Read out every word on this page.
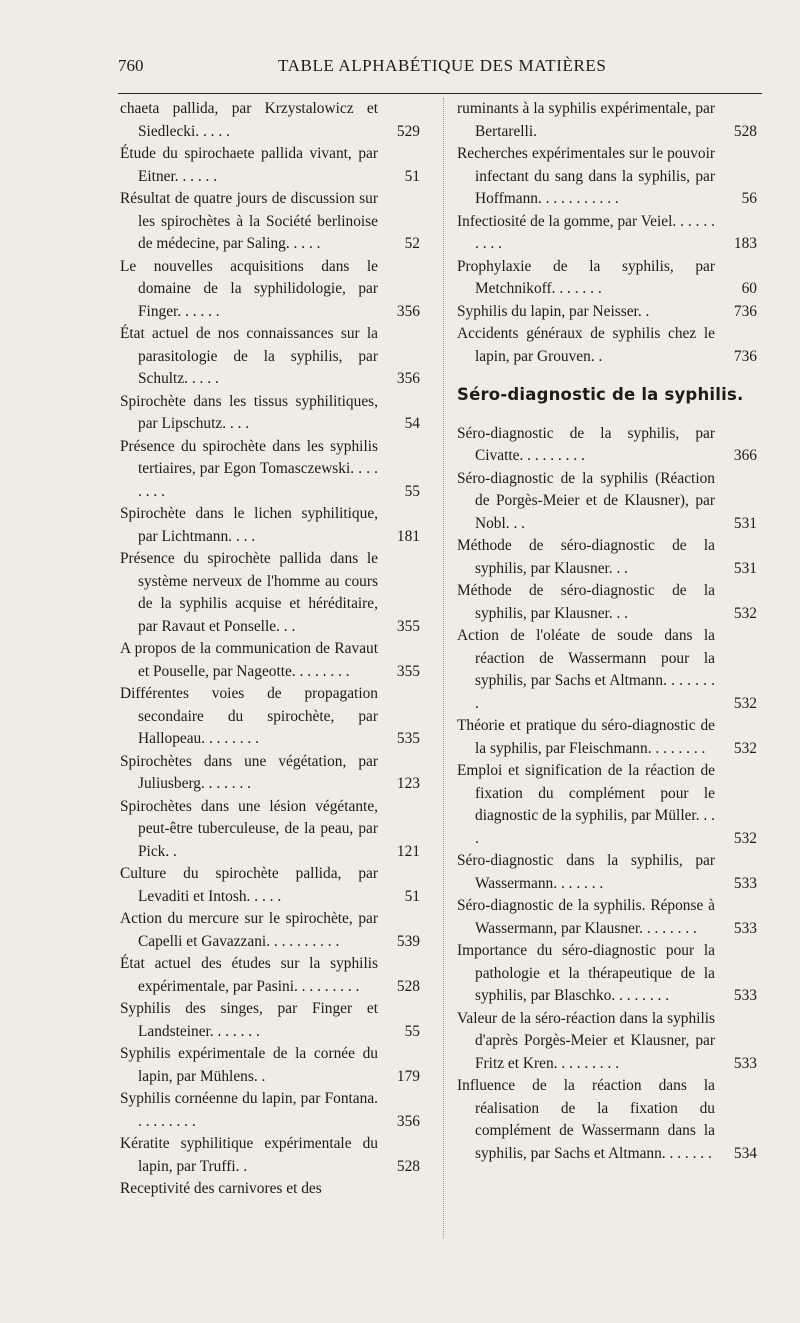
760	TABLE ALPHABÉTIQUE DES MATIÈRES
chaeta pallida, par Krzystalowicz et Siedlecki. . . . .	529
Étude du spirochaete pallida vivant, par Eitner. . . . . .	51
Résultat de quatre jours de discussion sur les spirochètes à la Société berlinoise de médecine, par Saling. . . . .	52
Le nouvelles acquisitions dans le domaine de la syphilidologie, par Finger. . . . . .	356
État actuel de nos connaissances sur la parasitologie de la syphilis, par Schultz. . . . .	356
Spirochète dans les tissus syphilitiques, par Lipschutz. . . .	54
Présence du spirochète dans les syphilis tertiaires, par Egon Tomasczewski. . . . . . . .	55
Spirochète dans le lichen syphilitique, par Lichtmann. . . .	181
Présence du spirochète pallida dans le système nerveux de l'homme au cours de la syphilis acquise et héréditaire, par Ravaut et Ponselle. . .	355
A propos de la communication de Ravaut et Pouselle, par Nageotte. . . . . . . .	355
Différentes voies de propagation secondaire du spirochète, par Hallopeau. . . . . . . .	535
Spirochètes dans une végétation, par Juliusberg. . . . . . .	123
Spirochètes dans une lésion végétante, peut-être tuberculeuse, de la peau, par Pick. .	121
Culture du spirochète pallida, par Levaditi et Intosh. . . . .	51
Action du mercure sur le spirochète, par Capelli et Gavazzani. . . . . . . . . .	539
État actuel des études sur la syphilis expérimentale, par Pasini. . . . . . . . . 528
Syphilis des singes, par Finger et Landsteiner. . . . . . .	55
Syphilis expérimentale de la cornée du lapin, par Mühlens. .	179
Syphilis cornéenne du lapin, par Fontana. . . . . . . . .	356
Kératite syphilitique expérimentale du lapin, par Truffi. .	528
Receptivité des carnivores et des
ruminants à la syphilis expérimentale, par Bertarelli.	528
Recherches expérimentales sur le pouvoir infectant du sang dans la syphilis, par Hoffmann. . . . . . . . . . .	56
Infectiosité de la gomme, par Veiel. . . . . . . . . .	183
Prophylaxie de la syphilis, par Metchnikoff. . . . . . .	60
Syphilis du lapin, par Neisser. .	736
Accidents généraux de syphilis chez le lapin, par Grouven. .	736
Séro-diagnostic de la syphilis.
Séro-diagnostic de la syphilis, par Civatte. . . . . . . . .	366
Séro-diagnostic de la syphilis (Réaction de Porgès-Meier et de Klausner), par Nobl. . .	531
Méthode de séro-diagnostic de la syphilis, par Klausner. . .	531
Méthode de séro-diagnostic de la syphilis, par Klausner. . .	532
Action de l'oléate de soude dans la réaction de Wassermann pour la syphilis, par Sachs et Altmann. . . . . . . .	532
Théorie et pratique du séro-diagnostic de la syphilis, par Fleischmann. . . . . . . . 532
Emploi et signification de la réaction de fixation du complément pour le diagnostic de la syphilis, par Müller. . . .	532
Séro-diagnostic dans la syphilis, par Wassermann. . . . . . .	533
Séro-diagnostic de la syphilis. Réponse à Wassermann, par Klausner. . . . . . . . 533
Importance du séro-diagnostic pour la pathologie et la thérapeutique de la syphilis, par Blaschko. . . . . . . .	533
Valeur de la séro-réaction dans la syphilis d'après Porgès-Meier et Klausner, par Fritz et Kren. . . . . . . . .	533
Influence de la réaction dans la réalisation de la fixation du complément de Wassermann dans la syphilis, par Sachs et Altmann. . . . . . . 534
